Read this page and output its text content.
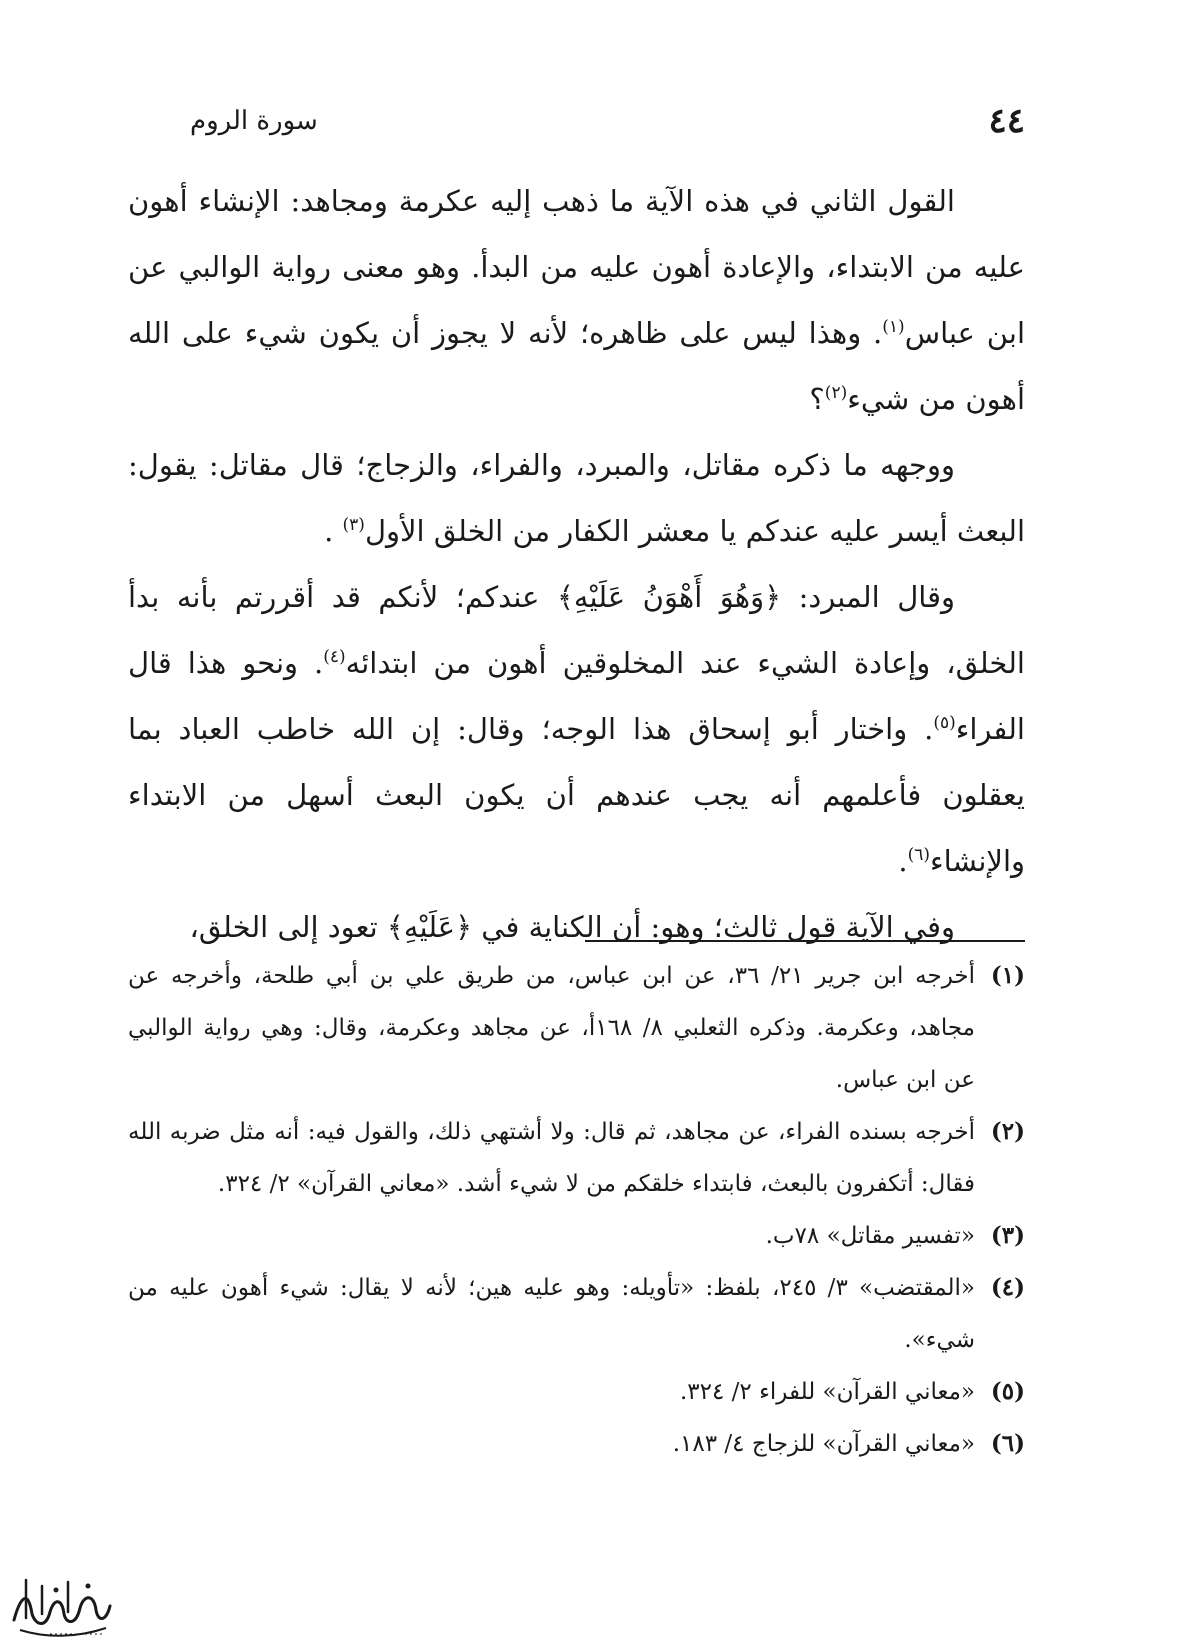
٤٤
سورة الروم

القول الثاني في هذه الآية ما ذهب إليه عكرمة ومجاهد: الإنشاء أهون عليه من الابتداء، والإعادة أهون عليه من البدأ. وهو معنى رواية الوالبي عن ابن عباس$^{(١)}$. وهذا ليس على ظاهره؛ لأنه لا يجوز أن يكون شيء على الله أهون من شيء$^{(٢)}$؟

ووجهه ما ذكره مقاتل، والمبرد، والفراء، والزجاج؛ قال مقاتل: يقول: البعث أيسر عليه عندكم يا معشر الكفار من الخلق الأول$^{(٣)}$ .

وقال المبرد: ﴿وَهُوَ أَهْوَنُ عَلَيْهِ﴾ عندكم؛ لأنكم قد أقررتم بأنه بدأ الخلق، وإعادة الشيء عند المخلوقين أهون من ابتدائه$^{(٤)}$. ونحو هذا قال الفراء$^{(٥)}$. واختار أبو إسحاق هذا الوجه؛ وقال: إن الله خاطب العباد بما يعقلون فأعلمهم أنه يجب عندهم أن يكون البعث أسهل من الابتداء والإنشاء$^{(٦)}$.

وفي الآية قول ثالث؛ وهو: أن الكناية في ﴿عَلَيْهِ﴾ تعود إلى الخلق،

(١)
أخرجه ابن جرير ٢١/ ٣٦، عن ابن عباس، من طريق علي بن أبي طلحة، وأخرجه عن مجاهد، وعكرمة. وذكره الثعلبي ٨/ ١٦٨أ، عن مجاهد وعكرمة، وقال: وهي رواية الوالبي عن ابن عباس.

(٢)
أخرجه بسنده الفراء، عن مجاهد، ثم قال: ولا أشتهي ذلك، والقول فيه: أنه مثل ضربه الله فقال: أتكفرون بالبعث، فابتداء خلقكم من لا شيء أشد. «معاني القرآن» ٢/ ٣٢٤.

(٣)
«تفسير مقاتل» ٧٨ب.

(٤)
«المقتضب» ٣/ ٢٤٥، بلفظ: «تأويله: وهو عليه هين؛ لأنه لا يقال: شيء أهون عليه من شيء».

(٥)
«معاني القرآن» للفراء ٢/ ٣٢٤.

(٦)
«معاني القرآن» للزجاج ٤/ ١٨٣.
